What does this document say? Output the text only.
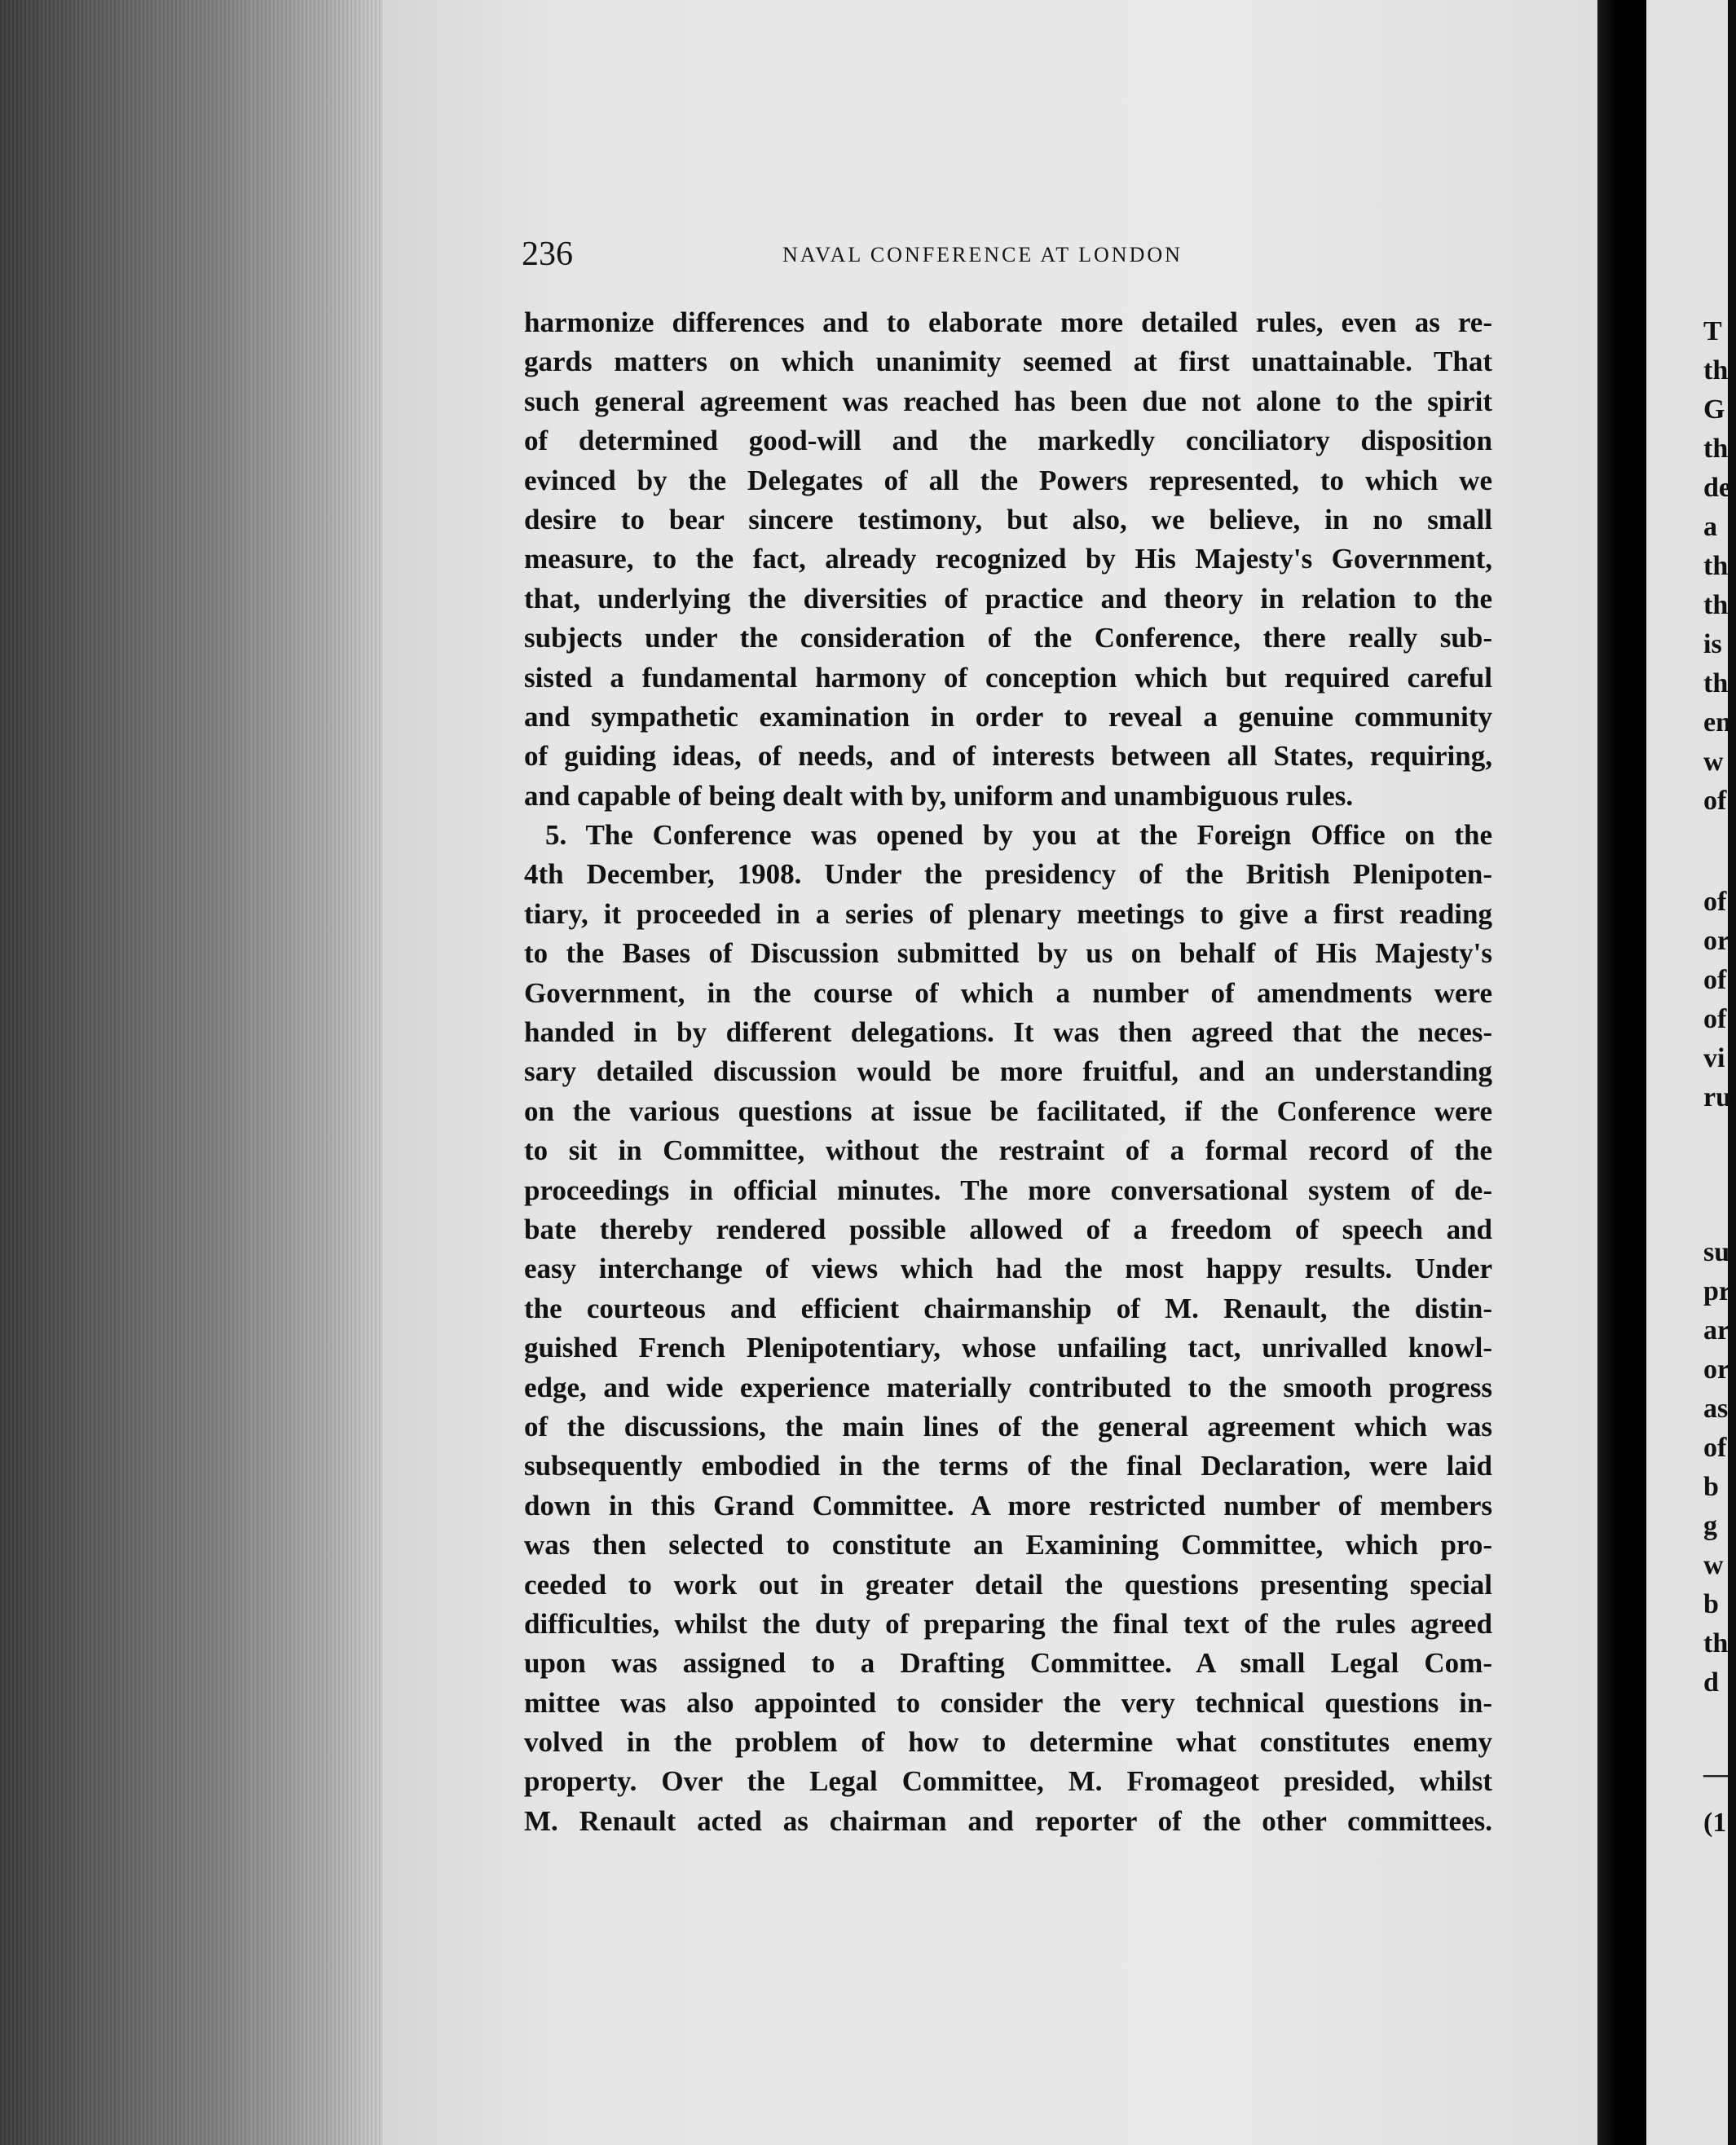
236	NAVAL CONFERENCE AT LONDON
harmonize differences and to elaborate more detailed rules, even as re-
gards matters on which unanimity seemed at first unattainable. That
such general agreement was reached has been due not alone to the spirit
of determined good-will and the markedly conciliatory disposition
evinced by the Delegates of all the Powers represented, to which we
desire to bear sincere testimony, but also, we believe, in no small
measure, to the fact, already recognized by His Majesty's Government,
that, underlying the diversities of practice and theory in relation to the
subjects under the consideration of the Conference, there really sub-
sisted a fundamental harmony of conception which but required careful
and sympathetic examination in order to reveal a genuine community
of guiding ideas, of needs, and of interests between all States, requiring,
and capable of being dealt with by, uniform and unambiguous rules.
5. The Conference was opened by you at the Foreign Office on the
4th December, 1908. Under the presidency of the British Plenipoten-
tiary, it proceeded in a series of plenary meetings to give a first reading
to the Bases of Discussion submitted by us on behalf of His Majesty's
Government, in the course of which a number of amendments were
handed in by different delegations. It was then agreed that the neces-
sary detailed discussion would be more fruitful, and an understanding
on the various questions at issue be facilitated, if the Conference were
to sit in Committee, without the restraint of a formal record of the
proceedings in official minutes. The more conversational system of de-
bate thereby rendered possible allowed of a freedom of speech and
easy interchange of views which had the most happy results. Under
the courteous and efficient chairmanship of M. Renault, the distin-
guished French Plenipotentiary, whose unfailing tact, unrivalled knowl-
edge, and wide experience materially contributed to the smooth progress
of the discussions, the main lines of the general agreement which was
subsequently embodied in the terms of the final Declaration, were laid
down in this Grand Committee. A more restricted number of members
was then selected to constitute an Examining Committee, which pro-
ceeded to work out in greater detail the questions presenting special
difficulties, whilst the duty of preparing the final text of the rules agreed
upon was assigned to a Drafting Committee. A small Legal Com-
mittee was also appointed to consider the very technical questions in-
volved in the problem of how to determine what constitutes enemy
property. Over the Legal Committee, M. Fromageot presided, whilst
M. Renault acted as chairman and reporter of the other committees.
T
th
G
th
de
a
th
th
is
th
en
w
of
of
or
of
of
vi
ru
su
pr
ar
or
as
of
b
g
w
b
th
d
—
(1
